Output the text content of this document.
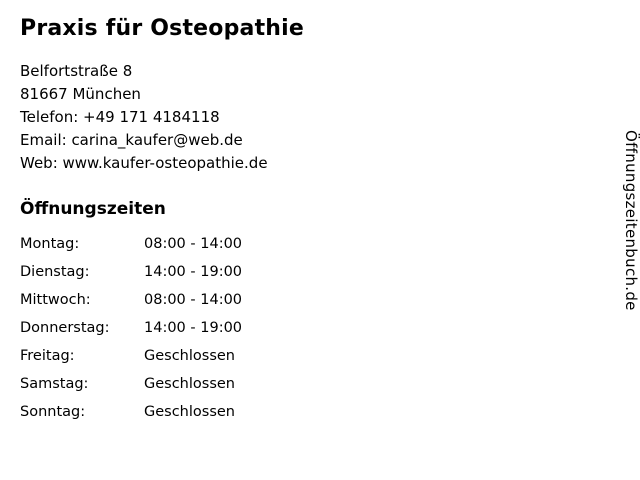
Praxis für Osteopathie

Belfortstraße 8

81667 München

Telefon: +49 171 4184118

Email: carina_kaufer@web.de

Web: www.kaufer-osteopathie.de

Öffnungszeiten
Montag:	08:00 - 14:00
Dienstag:	14:00 - 19:00
Mittwoch:	08:00 - 14:00
Donnerstag:	14:00 - 19:00
Freitag:	Geschlossen
Samstag:	Geschlossen
Sonntag:	Geschlossen
Öffnungszeitenbuch.de
